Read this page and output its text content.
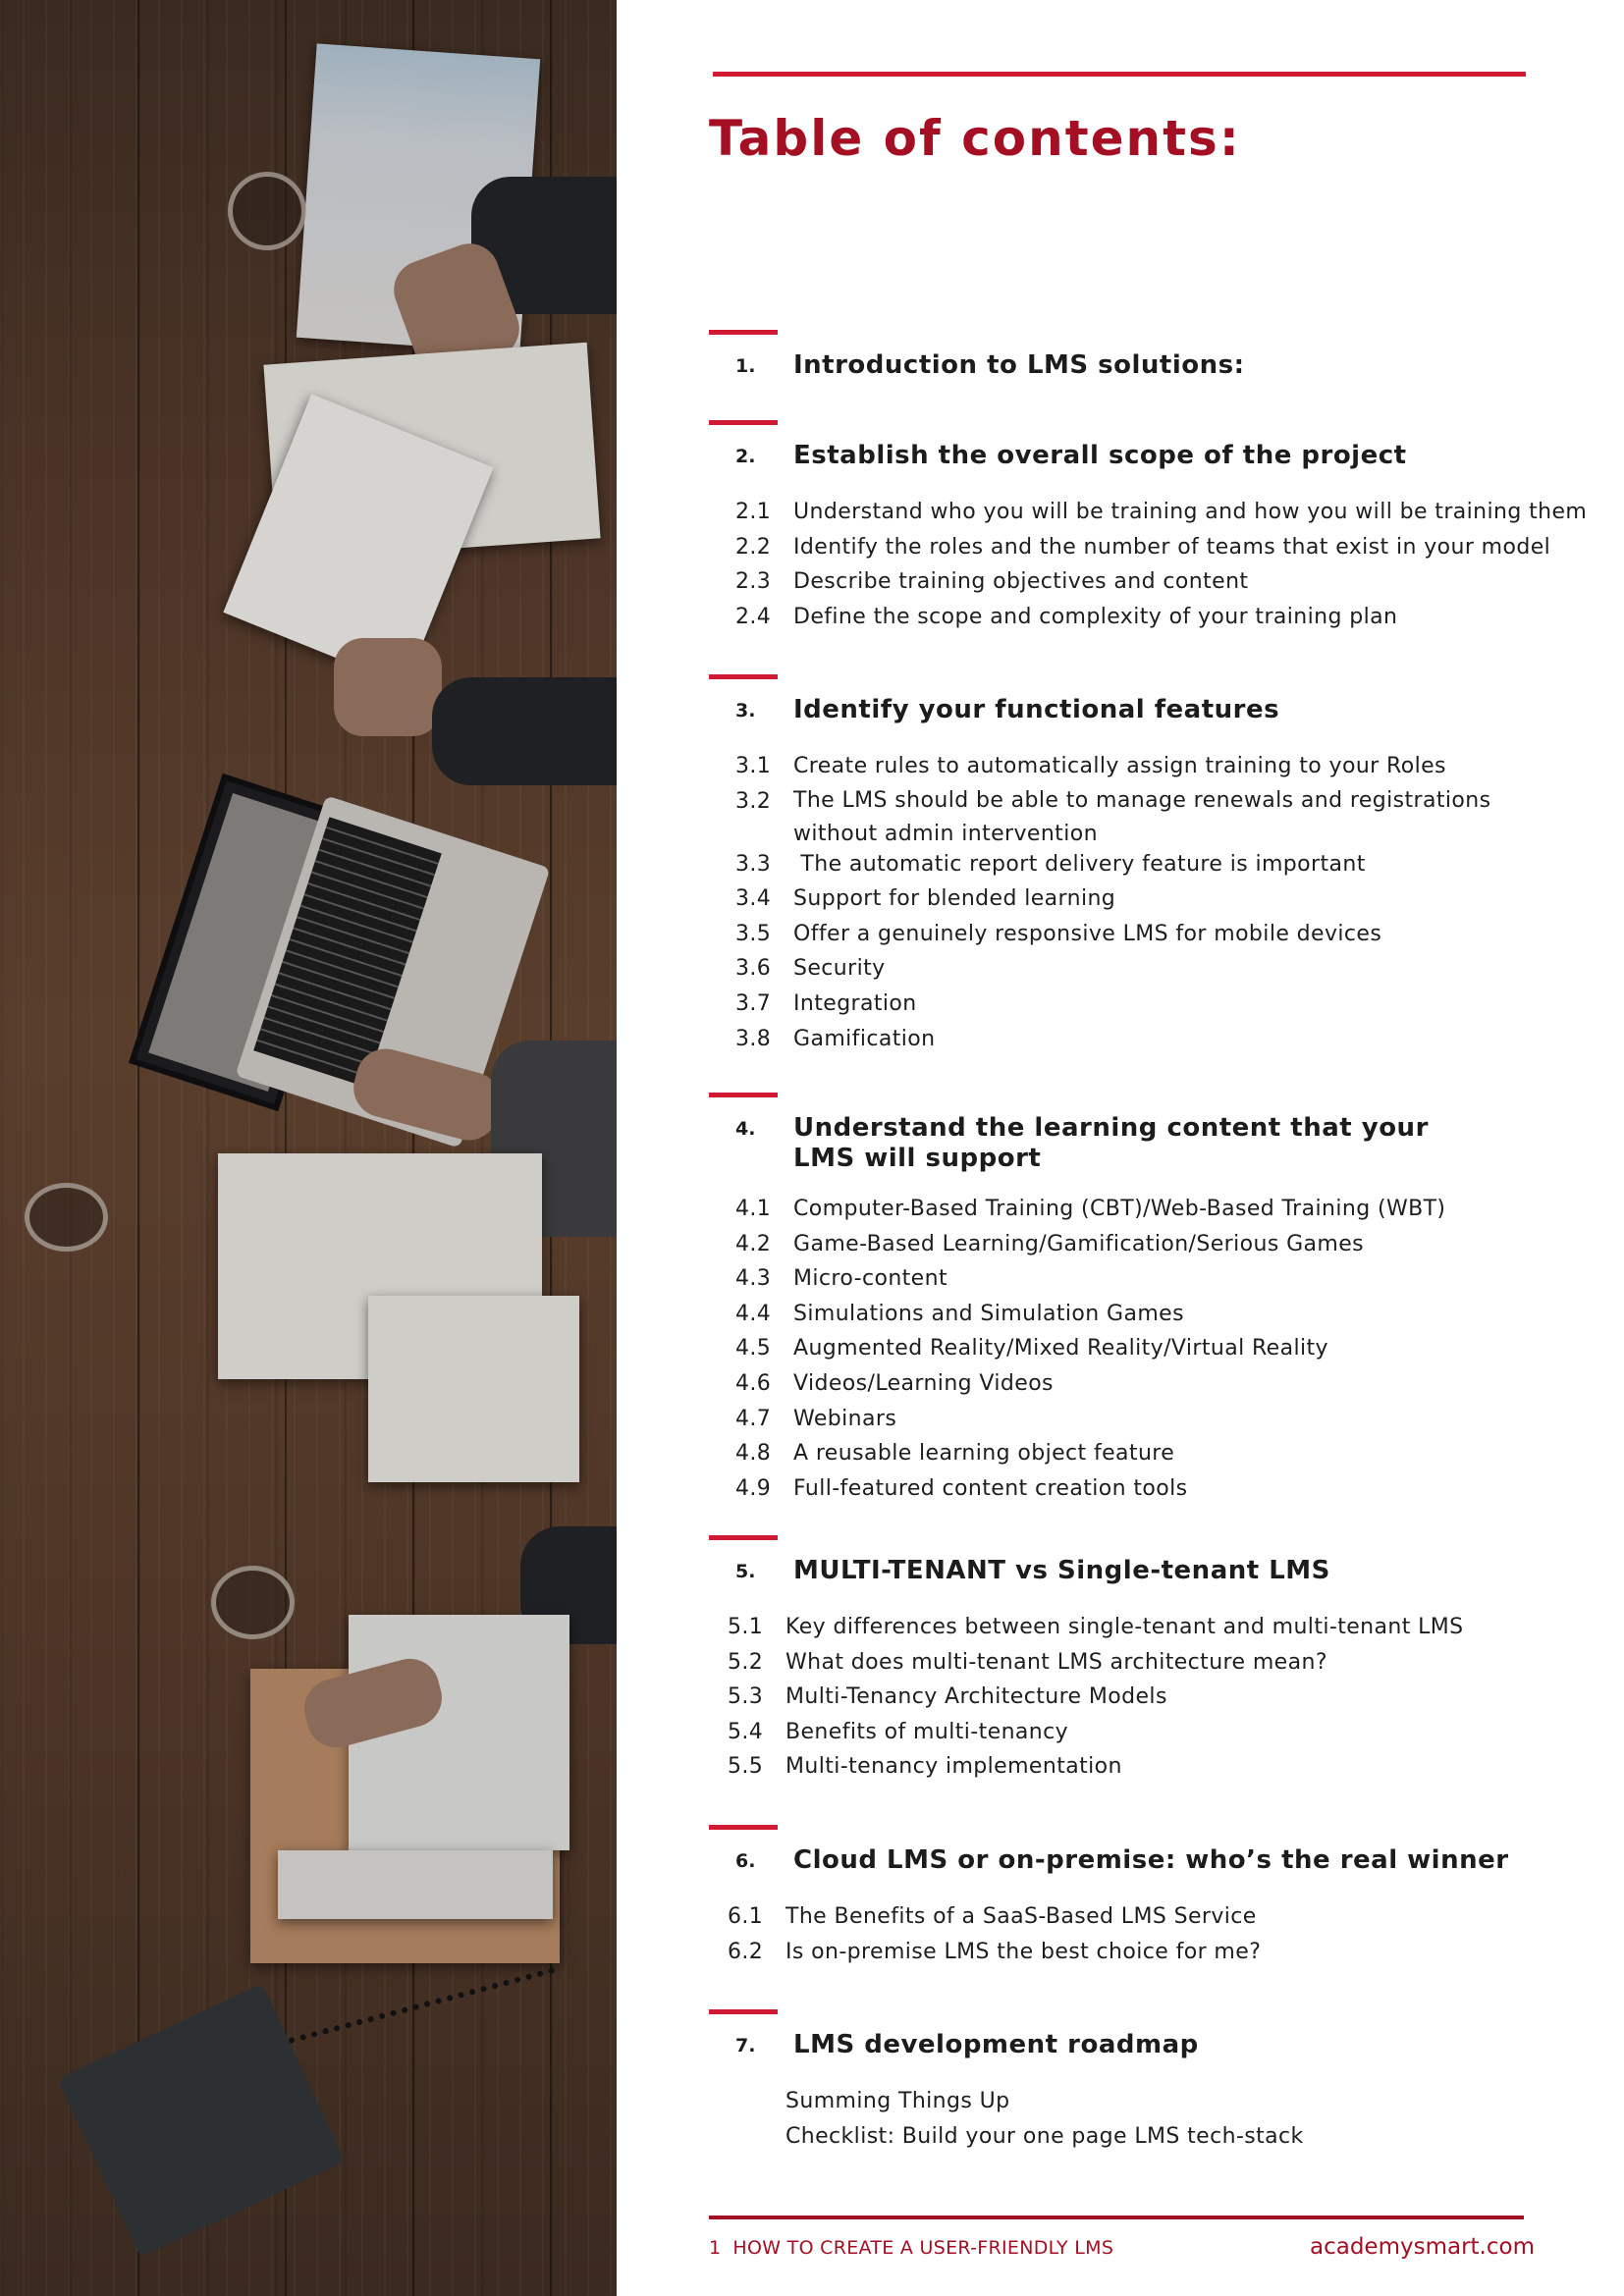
Table of contents:
1.	Introduction to LMS solutions:
2.	Establish the overall scope of the project
2.1	Understand who you will be training and how you will be training them
2.2	Identify the roles and the number of teams that exist in your model
2.3	Describe training objectives and content
2.4	Define the scope and complexity of your training plan
3.	Identify your functional features
3.1	Create rules to automatically assign training to your Roles
3.2	The LMS should be able to manage renewals and registrations without admin intervention
3.3	The automatic report delivery feature is important
3.4	Support for blended learning
3.5	Offer a genuinely responsive LMS for mobile devices
3.6	Security
3.7	Integration
3.8	Gamification
4.	Understand the learning content that your LMS will support
4.1	Computer-Based Training (CBT)/Web-Based Training (WBT)
4.2	Game-Based Learning/Gamification/Serious Games
4.3	Micro-content
4.4	Simulations and Simulation Games
4.5	Augmented Reality/Mixed Reality/Virtual Reality
4.6	Videos/Learning Videos
4.7	Webinars
4.8	A reusable learning object feature
4.9	Full-featured content creation tools
5.	MULTI-TENANT vs Single-tenant LMS
5.1	Key differences between single-tenant and multi-tenant LMS
5.2	What does multi-tenant LMS architecture mean?
5.3	Multi-Tenancy Architecture Models
5.4	Benefits of multi-tenancy
5.5	Multi-tenancy implementation
6.	Cloud LMS or on-premise: who’s the real winner
6.1	The Benefits of a SaaS-Based LMS Service
6.2	Is on-premise LMS the best choice for me?
7.	LMS development roadmap
Summing Things Up
Checklist: Build your one page LMS tech-stack
1 HOW TO CREATE A USER-FRIENDLY LMS	academysmart.com
